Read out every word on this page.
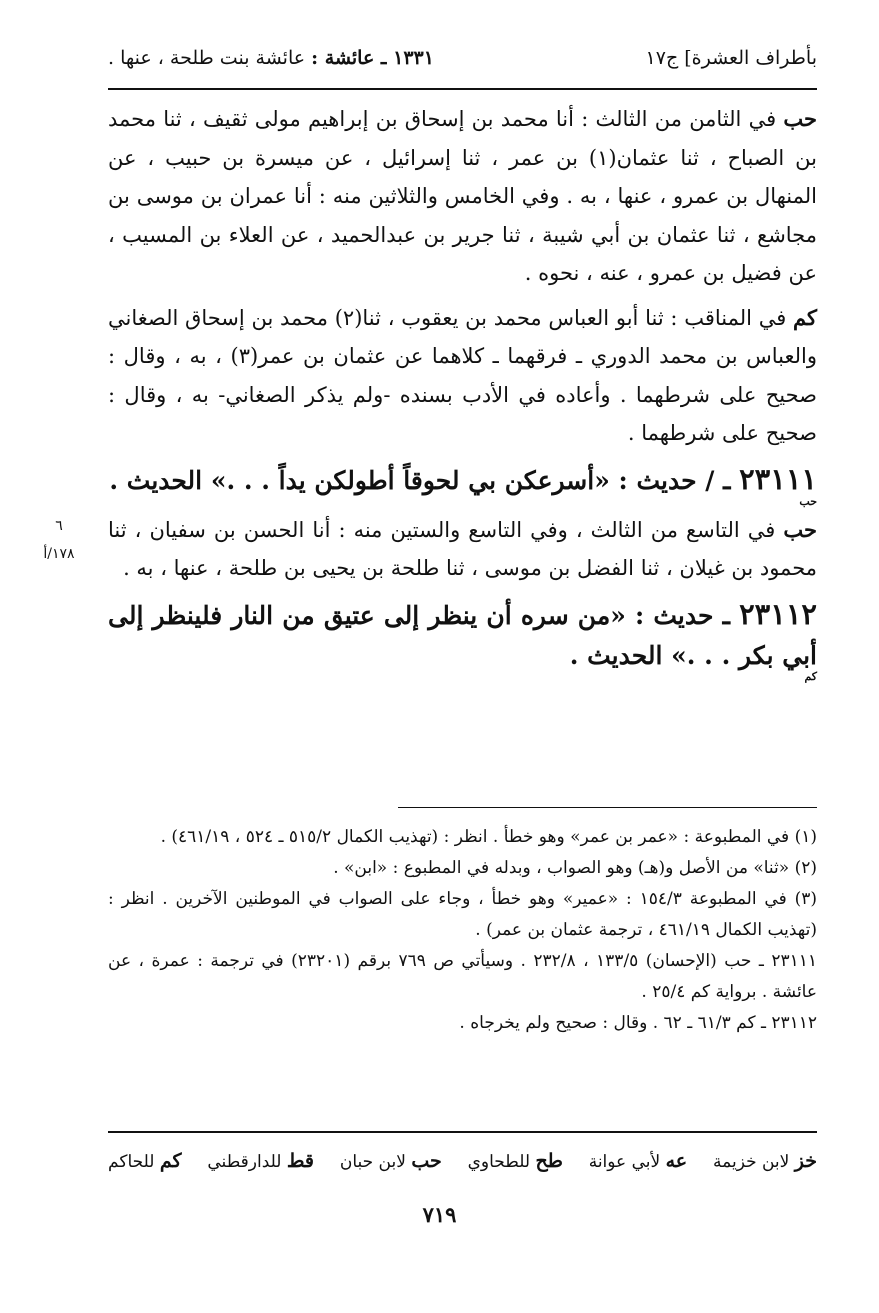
بأطراف العشرة] ج١٧
١٣٣١ ـ عائشة : عائشة بنت طلحة ، عنها .

حب في الثامن من الثالث : أنا محمد بن إسحاق بن إبراهيم مولى ثقيف ، ثنا محمد بن الصباح ، ثنا عثمان(١) بن عمر ، ثنا إسرائيل ، عن ميسرة بن حبيب ، عن المنهال بن عمرو ، عنها ، به . وفي الخامس والثلاثين منه : أنا عمران بن موسى بن مجاشع ، ثنا عثمان بن أبي شيبة ، ثنا جرير بن عبدالحميد ، عن العلاء بن المسيب ، عن فضيل بن عمرو ، عنه ، نحوه .

كم في المناقب : ثنا أبو العباس محمد بن يعقوب ، ثنا(٢) محمد بن إسحاق الصغاني والعباس بن محمد الدوري ـ فرقهما ـ كلاهما عن عثمان بن عمر(٣) ، به ، وقال : صحيح على شرطهما . وأعاده في الأدب بسنده -ولم يذكر الصغاني- به ، وقال : صحيح على شرطهما .

٢٣١١١ ـ / حديث : «أسرعكن بي لحوقاً أطولكن يداً . . .» الحديث .
حب

حب في التاسع من الثالث ، وفي التاسع والستين منه : أنا الحسن بن سفيان ، ثنا محمود بن غيلان ، ثنا الفضل بن موسى ، ثنا طلحة بن يحيى بن طلحة ، عنها ، به .

٢٣١١٢ ـ حديث : «من سره أن ينظر إلى عتيق من النار فلينظر إلى أبي بكر . . .» الحديث .
كم

٦
١٧٨/أ

(١) في المطبوعة : «عمر بن عمر» وهو خطأ . انظر : (تهذيب الكمال ٥١٥/٢ ـ ٥٢٤ ، ٤٦١/١٩) .

(٢) «ثنا» من الأصل و(هـ) وهو الصواب ، وبدله في المطبوع : «ابن» .

(٣) في المطبوعة ١٥٤/٣ : «عمير» وهو خطأ ، وجاء على الصواب في الموطنين الآخرين . انظر : (تهذيب الكمال ٤٦١/١٩ ، ترجمة عثمان بن عمر) .

٢٣١١١ ـ حب (الإحسان) ١٣٣/٥ ، ٢٣٢/٨ . وسيأتي ص ٧٦٩ برقم (٢٣٢٠١) في ترجمة : عمرة ، عن عائشة . برواية كم ٢٥/٤ .

٢٣١١٢ ـ كم ٦١/٣ ـ ٦٢ . وقال : صحيح ولم يخرجاه .

خز لابن خزيمة
عه لأبي عوانة
طح للطحاوي
حب لابن حبان
قط للدارقطني
كم للحاكم
٧١٩
